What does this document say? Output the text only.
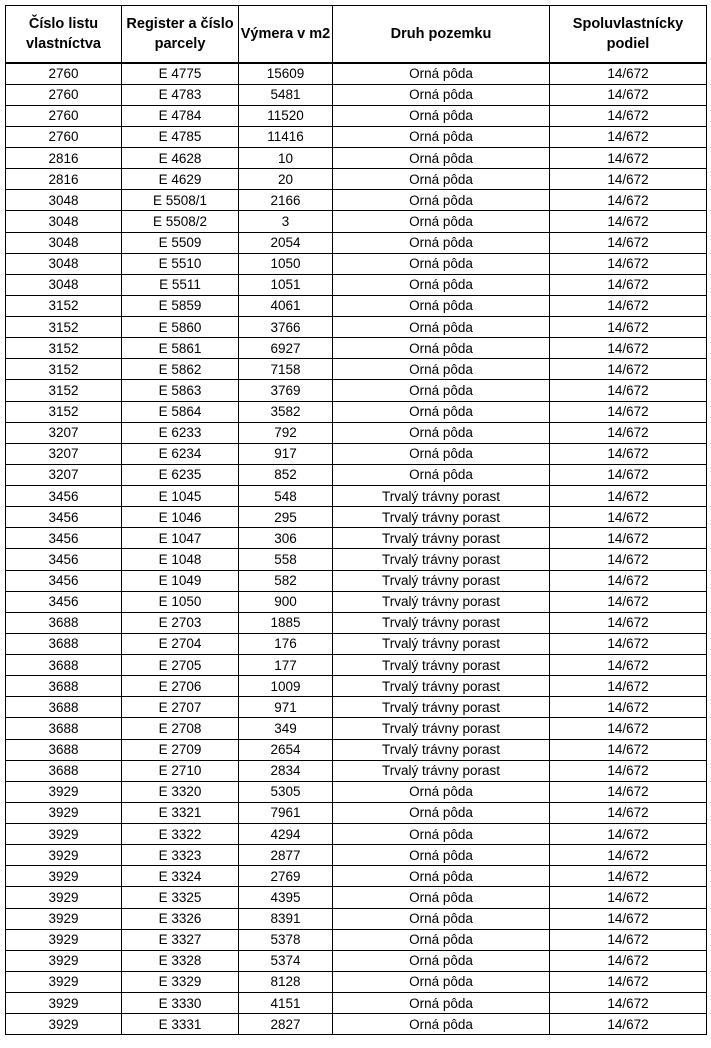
Číslo listu vlastníctva	Register a číslo parcely	Výmera v m2	Druh pozemku	Spoluvlastnícky podiel
2760	E 4775	15609	Orná pôda	14/672
2760	E 4783	5481	Orná pôda	14/672
2760	E 4784	11520	Orná pôda	14/672
2760	E 4785	11416	Orná pôda	14/672
2816	E 4628	10	Orná pôda	14/672
2816	E 4629	20	Orná pôda	14/672
3048	E 5508/1	2166	Orná pôda	14/672
3048	E 5508/2	3	Orná pôda	14/672
3048	E 5509	2054	Orná pôda	14/672
3048	E 5510	1050	Orná pôda	14/672
3048	E 5511	1051	Orná pôda	14/672
3152	E 5859	4061	Orná pôda	14/672
3152	E 5860	3766	Orná pôda	14/672
3152	E 5861	6927	Orná pôda	14/672
3152	E 5862	7158	Orná pôda	14/672
3152	E 5863	3769	Orná pôda	14/672
3152	E 5864	3582	Orná pôda	14/672
3207	E 6233	792	Orná pôda	14/672
3207	E 6234	917	Orná pôda	14/672
3207	E 6235	852	Orná pôda	14/672
3456	E 1045	548	Trvalý trávny porast	14/672
3456	E 1046	295	Trvalý trávny porast	14/672
3456	E 1047	306	Trvalý trávny porast	14/672
3456	E 1048	558	Trvalý trávny porast	14/672
3456	E 1049	582	Trvalý trávny porast	14/672
3456	E 1050	900	Trvalý trávny porast	14/672
3688	E 2703	1885	Trvalý trávny porast	14/672
3688	E 2704	176	Trvalý trávny porast	14/672
3688	E 2705	177	Trvalý trávny porast	14/672
3688	E 2706	1009	Trvalý trávny porast	14/672
3688	E 2707	971	Trvalý trávny porast	14/672
3688	E 2708	349	Trvalý trávny porast	14/672
3688	E 2709	2654	Trvalý trávny porast	14/672
3688	E 2710	2834	Trvalý trávny porast	14/672
3929	E 3320	5305	Orná pôda	14/672
3929	E 3321	7961	Orná pôda	14/672
3929	E 3322	4294	Orná pôda	14/672
3929	E 3323	2877	Orná pôda	14/672
3929	E 3324	2769	Orná pôda	14/672
3929	E 3325	4395	Orná pôda	14/672
3929	E 3326	8391	Orná pôda	14/672
3929	E 3327	5378	Orná pôda	14/672
3929	E 3328	5374	Orná pôda	14/672
3929	E 3329	8128	Orná pôda	14/672
3929	E 3330	4151	Orná pôda	14/672
3929	E 3331	2827	Orná pôda	14/672
